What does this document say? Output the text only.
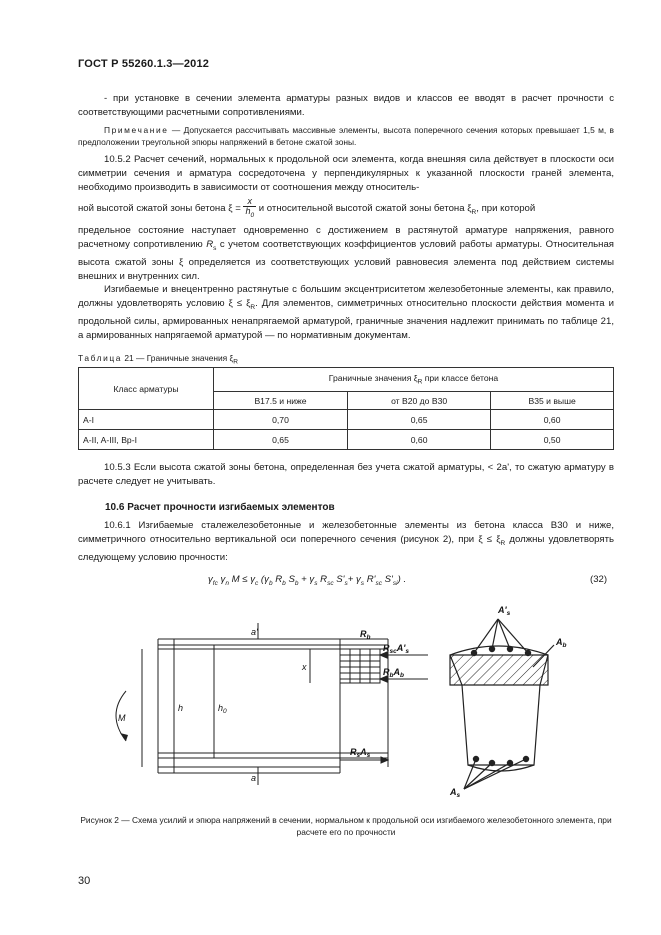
ГОСТ Р 55260.1.3—2012
- при установке в сечении элемента арматуры разных видов и классов ее вводят в расчет прочности с соответствующими расчетными сопротивлениями.
Примечание — Допускается рассчитывать массивные элементы, высота поперечного сечения которых превышает 1,5 м, в предположении треугольной эпюры напряжений в бетоне сжатой зоны.
10.5.2 Расчет сечений, нормальных к продольной оси элемента, когда внешняя сила действует в плоскости оси симметрии сечения и арматура сосредоточена у перпендикулярных к указанной плоскости граней элемента, необходимо производить в зависимости от соотношения между относитель-
ной высотой сжатой зоны бетона $\xi = \frac{x}{h_0}$ и относительной высотой сжатой зоны бетона $\xi_R$, при которой
предельное состояние наступает одновременно с достижением в растянутой арматуре напряжения, равного расчетному сопротивлению $R_s$ с учетом соответствующих коэффициентов условий работы арматуры. Относительная высота сжатой зоны ξ определяется из соответствующих условий равновесия элемента под действием системы внешних и внутренних сил.
Изгибаемые и внецентренно растянутые с большим эксцентриситетом железобетонные элементы, как правило, должны удовлетворять условию $\xi \le \xi_R$. Для элементов, симметричных относительно плоскости действия момента и продольной силы, армированных ненапрягаемой арматурой, граничные значения надлежит принимать по таблице 21, а армированных напрягаемой арматурой — по нормативным документам.
Таблица 21 — Граничные значения $\xi_R$
Класс арматуры	Граничные значения $\xi_R$ при классе бетона		
	В17.5 и ниже	от В20 до В30	В35 и выше
A-I	0,70	0,65	0,60
A-II, A-III, Вр-I	0,65	0,60	0,50
10.5.3 Если высота сжатой зоны бетона, определенная без учета сжатой арматуры, < 2a', то сжатую арматуру в расчете следует не учитывать.
10.6 Расчет прочности изгибаемых элементов
10.6.1 Изгибаемые сталежелезобетонные и железобетонные элементы из бетона класса В30 и ниже, симметричного относительно вертикальной оси поперечного сечения (рисунок 2), при $\xi \le \xi_R$ должны удовлетворять следующему условию прочности:
$\gamma_{fc}$ $\gamma_n$ $M \le \gamma_c$ ($\gamma_b$ $R_b$ $S_b + \gamma_s$ $R_{sc}$ $S'_s+ \gamma_s$ $R'_{sc}$ $S'_{si}$) .	(32)
$R_b$
$R_{sc}A'_s$
$R_bA_b$
$R_sA_s$
a'
a
x
h	$h_0$
M
$A'_s$
$A_b$
$A_s$
Рисунок 2 — Схема усилий и эпюра напряжений в сечении, нормальном к продольной оси изгибаемого железобетонного элемента, при расчете его по прочности
30
